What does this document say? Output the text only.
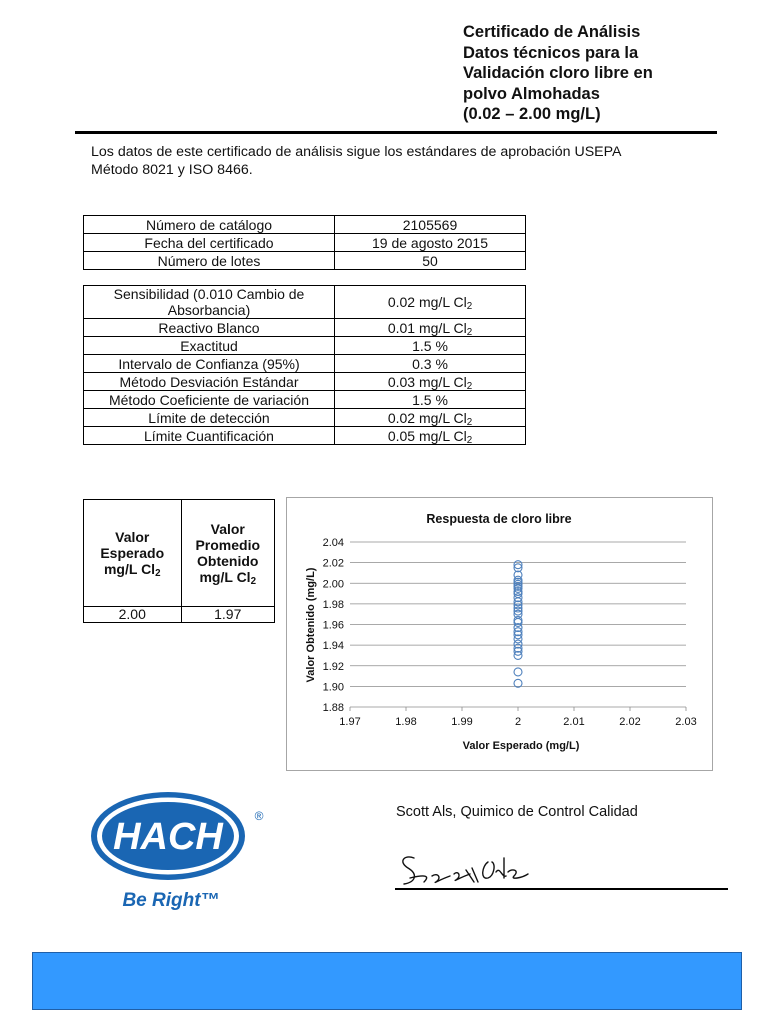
Certificado de Análisis
Datos técnicos para la
Validación cloro libre en
polvo Almohadas
(0.02 – 2.00 mg/L)
Los datos de este certificado de análisis sigue los estándares de aprobación USEPA
Método 8021 y ISO 8466.
Número de catálogo	2105569
Fecha del certificado	19 de agosto 2015
Número de lotes	50
Sensibilidad (0.010 Cambio de Absorbancia)	0.02 mg/L $Cl_2$
Reactivo Blanco	0.01 mg/L $Cl_2$
Exactitud	1.5 %
Intervalo de Confianza (95%)	0.3 %
Método Desviación Estándar	0.03 mg/L $Cl_2$
Método Coeficiente de variación	1.5 %
Límite de detección	0.02 mg/L $Cl_2$
Límite Cuantificación	0.05 mg/L $Cl_2$
Valor Esperado mg/L $Cl_2$	Valor Promedio Obtenido mg/L $Cl_2$
2.00	1.97
Respuesta de cloro libre
1.88
1.90
1.92
1.94
1.96
1.98
2.00
2.02
2.04
1.97	1.98	1.99	2	2.01	2.02	2.03
Valor Esperado (mg/L)
Valor Obtenido (mg/L)
HACH	®
Be Right™
Scott Als, Quimico de Control Calidad
